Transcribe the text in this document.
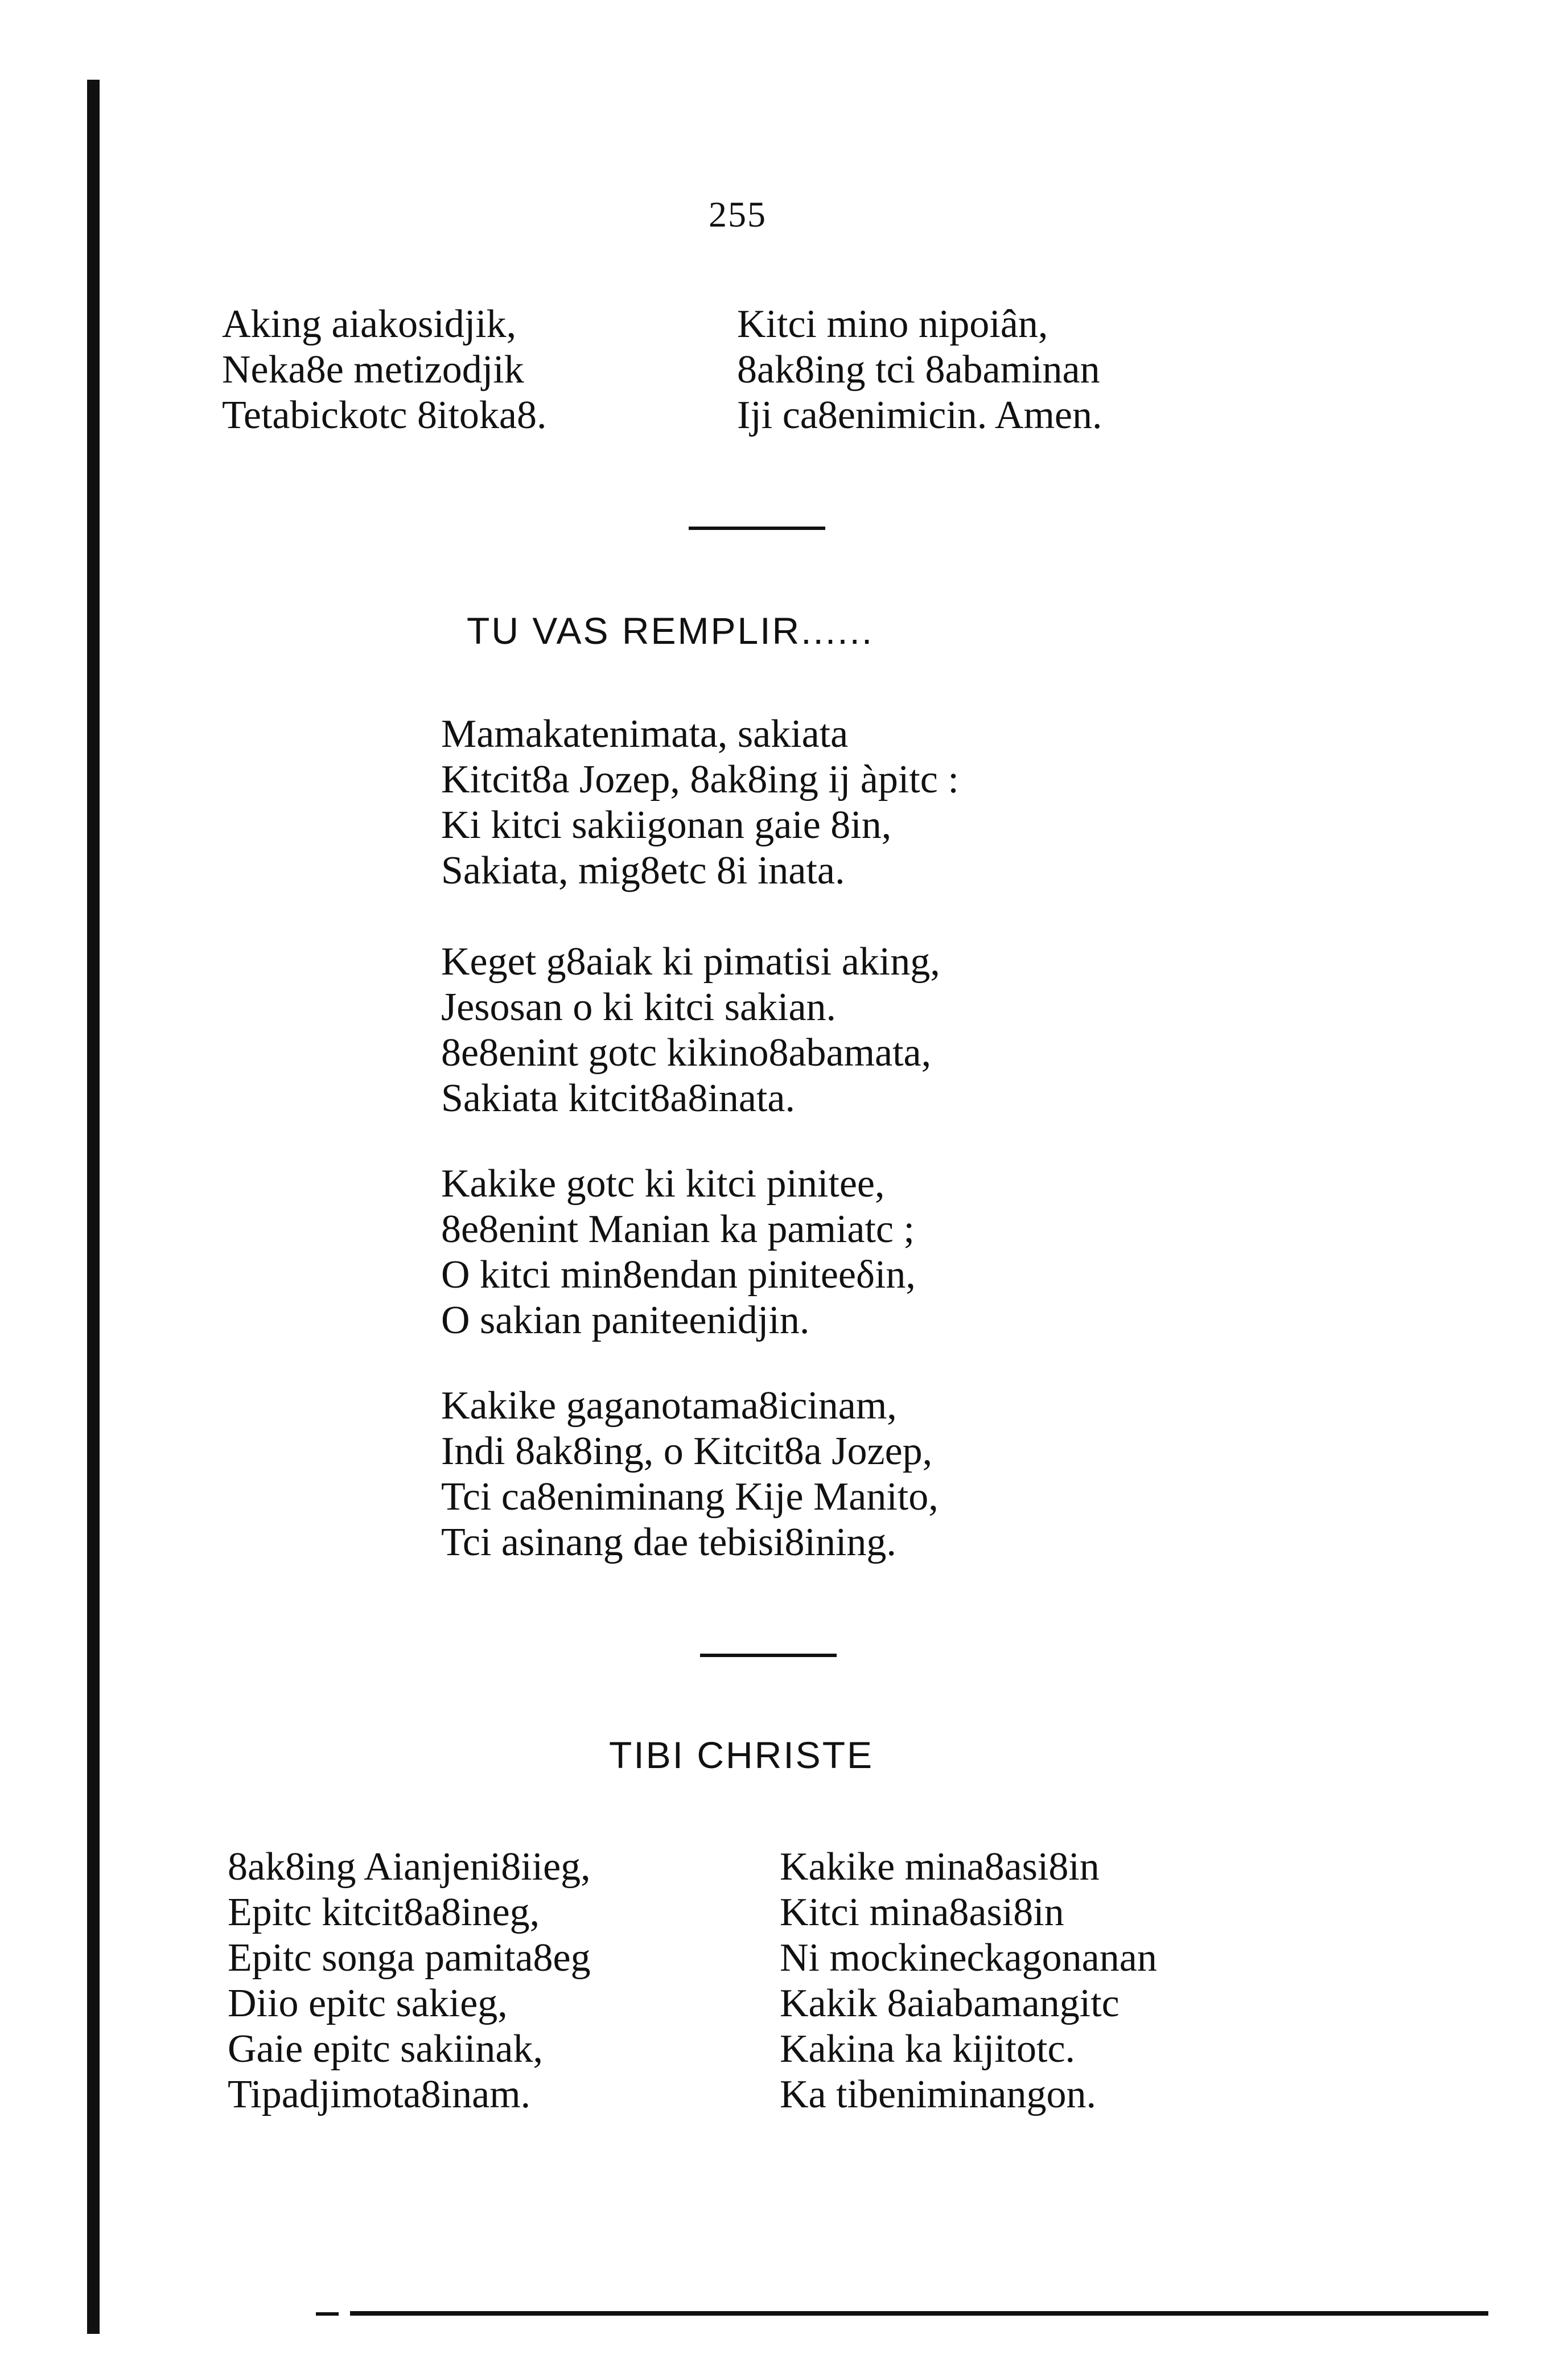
255
Aking aiakosidjik,
Neka8e metizodjik
Tetabickotc 8itoka8.
Kitci mino nipoiân,
8ak8ing tci 8abaminan
Iji ca8enimicin. Amen.
TU VAS REMPLIR......
Mamakatenimata, sakiata
Kitcit8a Jozep, 8ak8ing ij àpitc :
Ki kitci sakiigonan gaie 8in,
Sakiata, mig8etc 8i inata.
Keget g8aiak ki pimatisi aking,
Jesosan o ki kitci sakian.
8e8enint gotc kikino8abamata,
Sakiata kitcit8a8inata.
Kakike gotc ki kitci pinitee,
8e8enint Manian ka pamiatc ;
O kitci min8endan piniteeδin,
O sakian paniteenidjin.
Kakike gaganotama8icinam,
Indi 8ak8ing, o Kitcit8a Jozep,
Tci ca8eniminang Kije Manito,
Tci asinang dae tebisi8ining.
TIBI CHRISTE
8ak8ing Aianjeni8iieg,
Epitc kitcit8a8ineg,
Epitc songa pamita8eg
Diio epitc sakieg,
Gaie epitc sakiinak,
Tipadjimota8inam.
Kakike mina8asi8in
Kitci mina8asi8in
Ni mockineckagonanan
Kakik 8aiabamangitc
Kakina ka kijitotc.
Ka tibeniminangon.
